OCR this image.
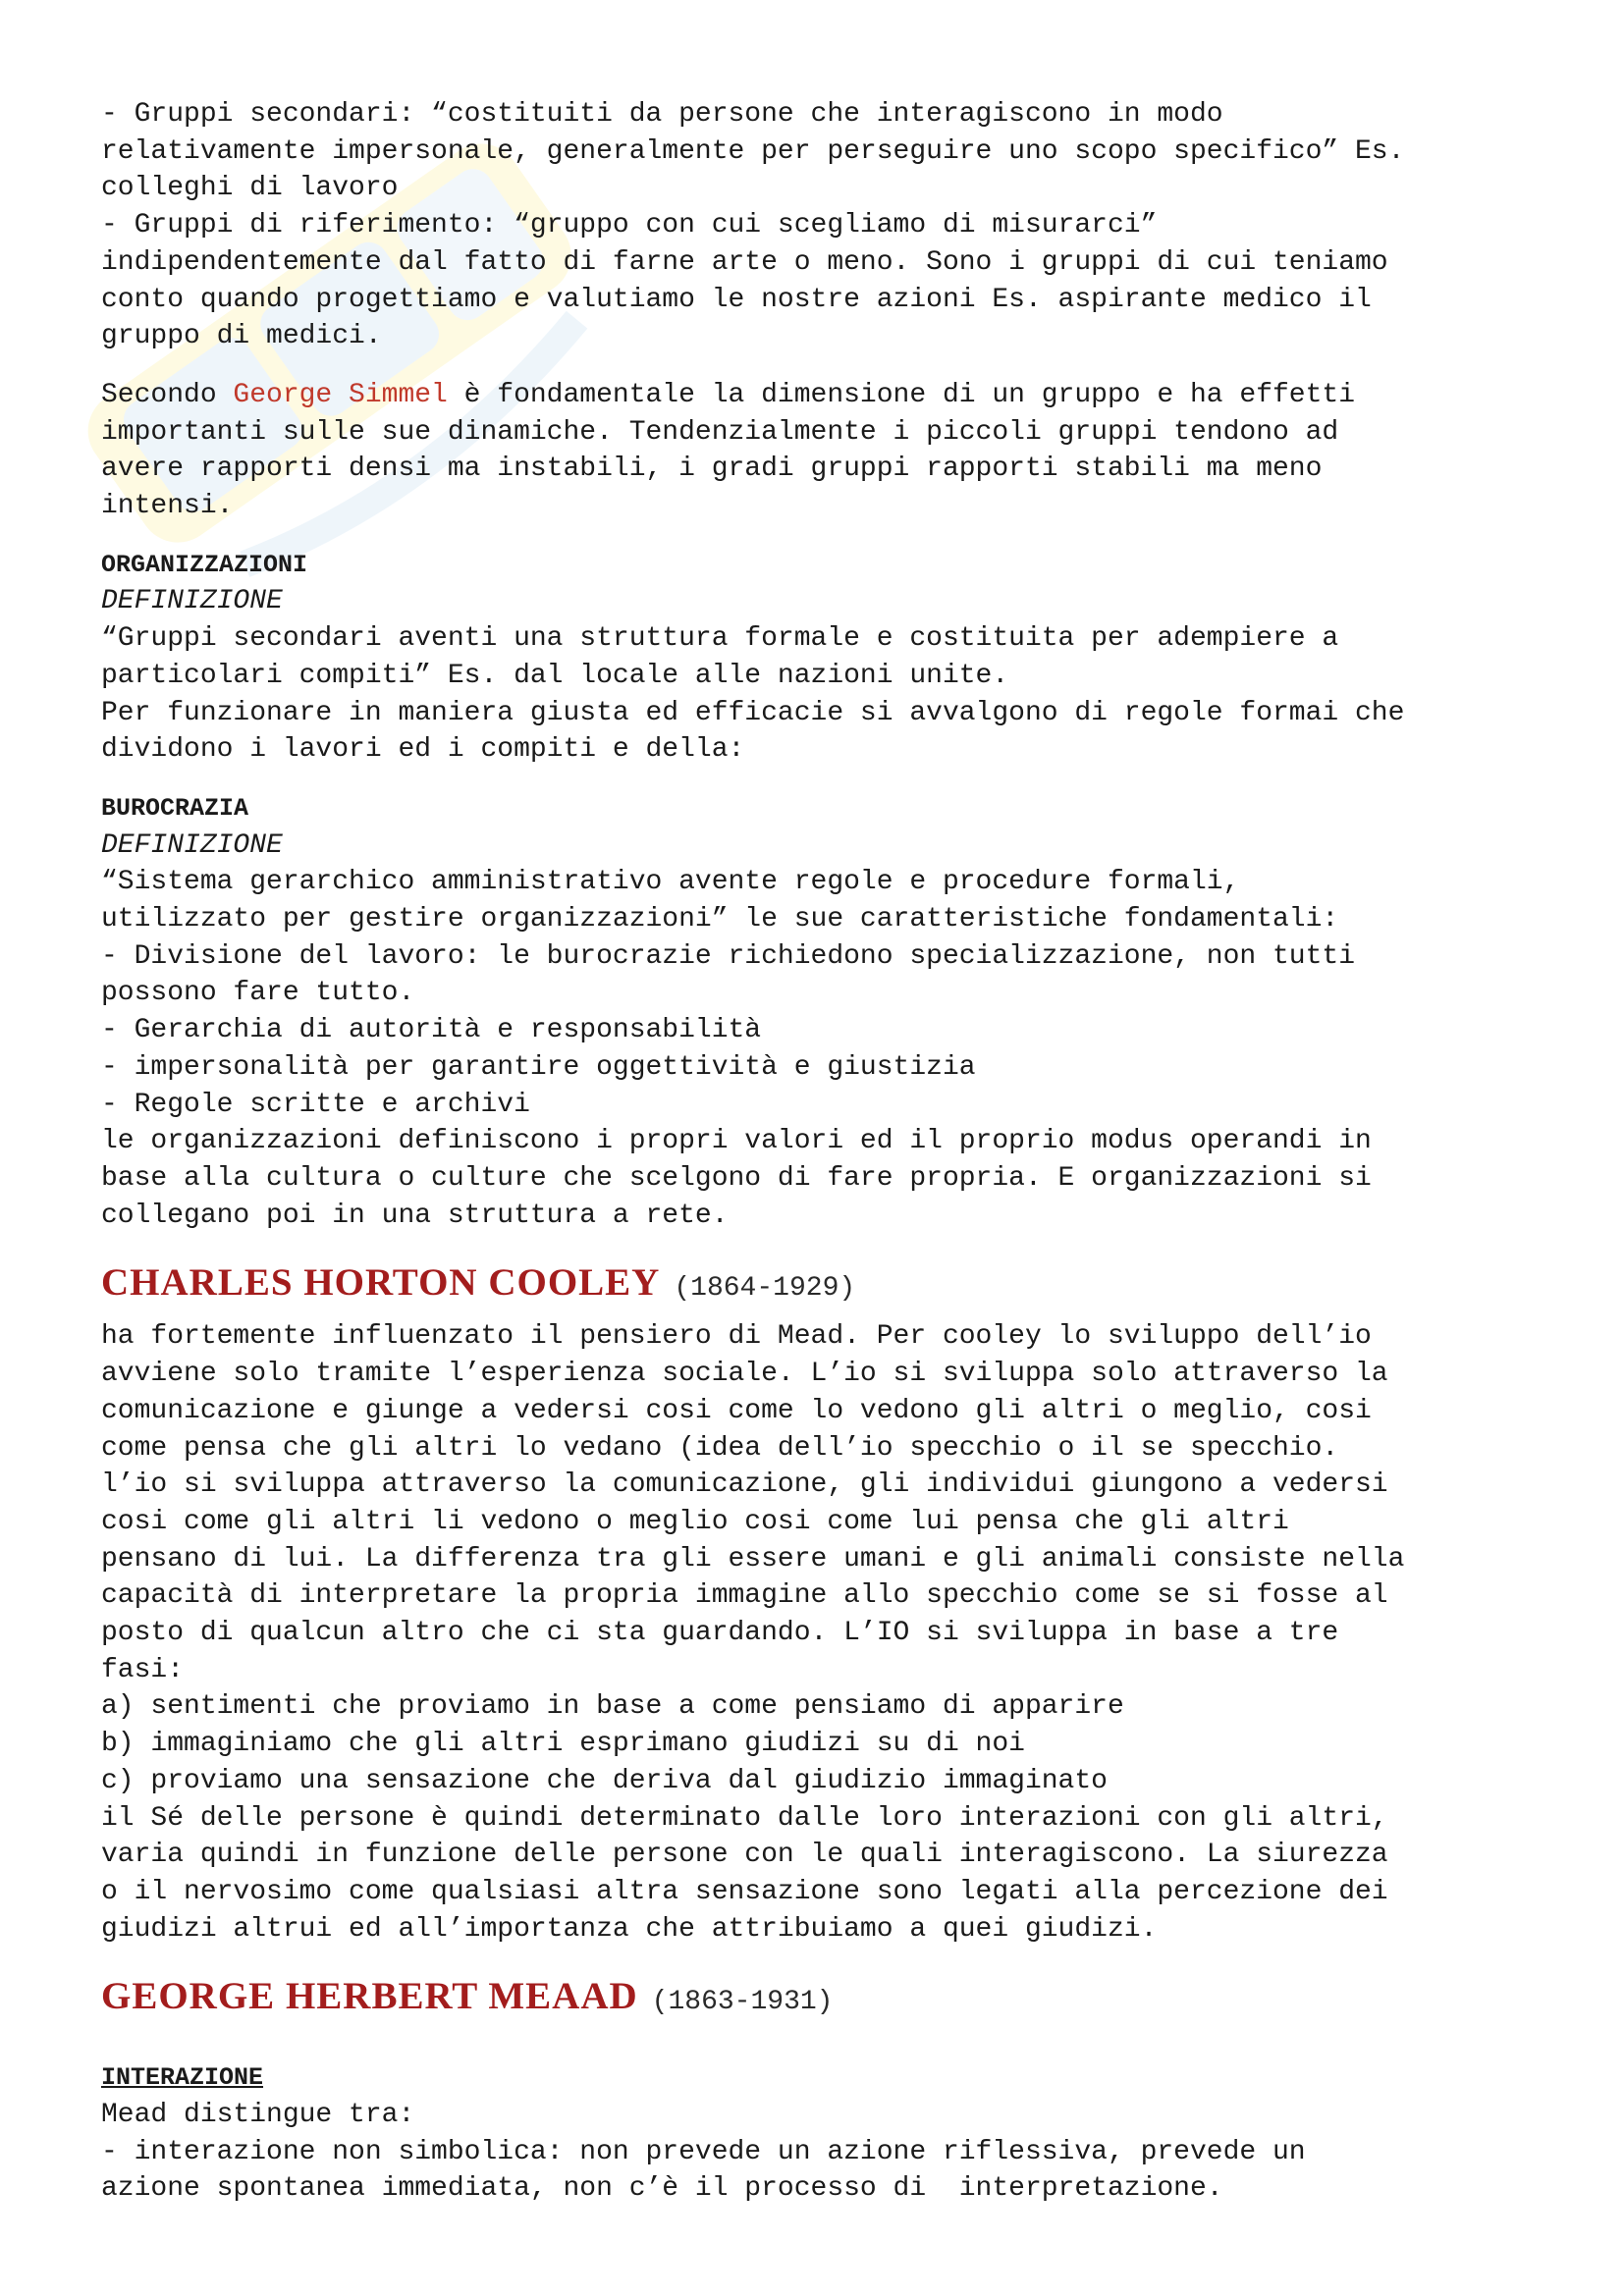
- Gruppi secondari: “costituiti da persone che interagiscono in modo
relativamente impersonale, generalmente per perseguire uno scopo specifico” Es.
colleghi di lavoro
- Gruppi di riferimento: “gruppo con cui scegliamo di misurarci”
indipendentemente dal fatto di farne arte o meno. Sono i gruppi di cui teniamo
conto quando progettiamo e valutiamo le nostre azioni Es. aspirante medico il
gruppo di medici.
Secondo George Simmel è fondamentale la dimensione di un gruppo e ha effetti
importanti sulle sue dinamiche. Tendenzialmente i piccoli gruppi tendono ad
avere rapporti densi ma instabili, i gradi gruppi rapporti stabili ma meno
intensi.
ORGANIZZAZIONI
DEFINIZIONE
“Gruppi secondari aventi una struttura formale e costituita per adempiere a
particolari compiti” Es. dal locale alle nazioni unite.
Per funzionare in maniera giusta ed efficacie si avvalgono di regole formai che
dividono i lavori ed i compiti e della:
BUROCRAZIA
DEFINIZIONE
“Sistema gerarchico amministrativo avente regole e procedure formali,
utilizzato per gestire organizzazioni” le sue caratteristiche fondamentali:
- Divisione del lavoro: le burocrazie richiedono specializzazione, non tutti
possono fare tutto.
- Gerarchia di autorità e responsabilità
- impersonalità per garantire oggettività e giustizia
- Regole scritte e archivi
le organizzazioni definiscono i propri valori ed il proprio modus operandi in
base alla cultura o culture che scelgono di fare propria. E organizzazioni si
collegano poi in una struttura a rete.
CHARLES HORTON COOLEY (1864-1929)
ha fortemente influenzato il pensiero di Mead. Per cooley lo sviluppo dell’io
avviene solo tramite l’esperienza sociale. L’io si sviluppa solo attraverso la
comunicazione e giunge a vedersi cosi come lo vedono gli altri o meglio, cosi
come pensa che gli altri lo vedano (idea dell’io specchio o il se specchio.
l’io si sviluppa attraverso la comunicazione, gli individui giungono a vedersi
cosi come gli altri li vedono o meglio cosi come lui pensa che gli altri
pensano di lui. La differenza tra gli essere umani e gli animali consiste nella
capacità di interpretare la propria immagine allo specchio come se si fosse al
posto di qualcun altro che ci sta guardando. L’IO si sviluppa in base a tre
fasi:
a) sentimenti che proviamo in base a come pensiamo di apparire
b) immaginiamo che gli altri esprimano giudizi su di noi
c) proviamo una sensazione che deriva dal giudizio immaginato
il Sé delle persone è quindi determinato dalle loro interazioni con gli altri,
varia quindi in funzione delle persone con le quali interagiscono. La siurezza
o il nervosimo come qualsiasi altra sensazione sono legati alla percezione dei
giudizi altrui ed all’importanza che attribuiamo a quei giudizi.
GEORGE HERBERT MEAAD (1863-1931)
INTERAZIONE
Mead distingue tra:
- interazione non simbolica: non prevede un azione riflessiva, prevede un
azione spontanea immediata, non c’è il processo di  interpretazione.
